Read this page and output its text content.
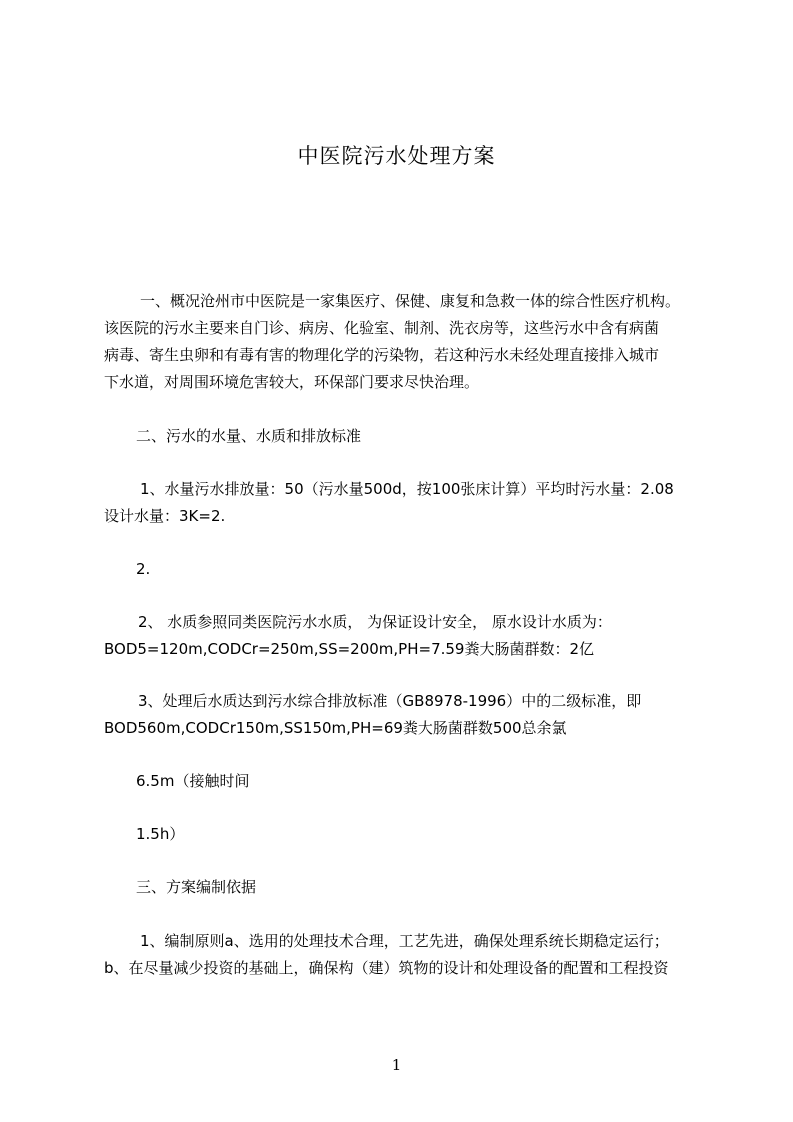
中医院污水处理方案
一、概况沧州市中医院是一家集医疗、保健、康复和急救一体的综合性医疗机构。
该医院的污水主要来自门诊、病房、化验室、制剂、洗衣房等，这些污水中含有病菌
病毒、寄生虫卵和有毒有害的物理化学的污染物，若这种污水未经处理直接排入城市
下水道，对周围环境危害较大，环保部门要求尽快治理。
二、污水的水量、水质和排放标准
1、水量污水排放量：50（污水量500d，按100张床计算）平均时污水量：2.08
设计水量：3K=2.
2.
2、 水质参照同类医院污水水质， 为保证设计安全， 原水设计水质为：
BOD5=120m,CODCr=250m,SS=200m,PH=7.59粪大肠菌群数：2亿
3、处理后水质达到污水综合排放标准（GB8978-1996）中的二级标准，即
BOD560m,CODCr150m,SS150m,PH=69粪大肠菌群数500总余氯
6.5m（接触时间
1.5h）
三、方案编制依据
1、编制原则a、选用的处理技术合理，工艺先进，确保处理系统长期稳定运行；
b、在尽量减少投资的基础上，确保构（建）筑物的设计和处理设备的配置和工程投资
1
